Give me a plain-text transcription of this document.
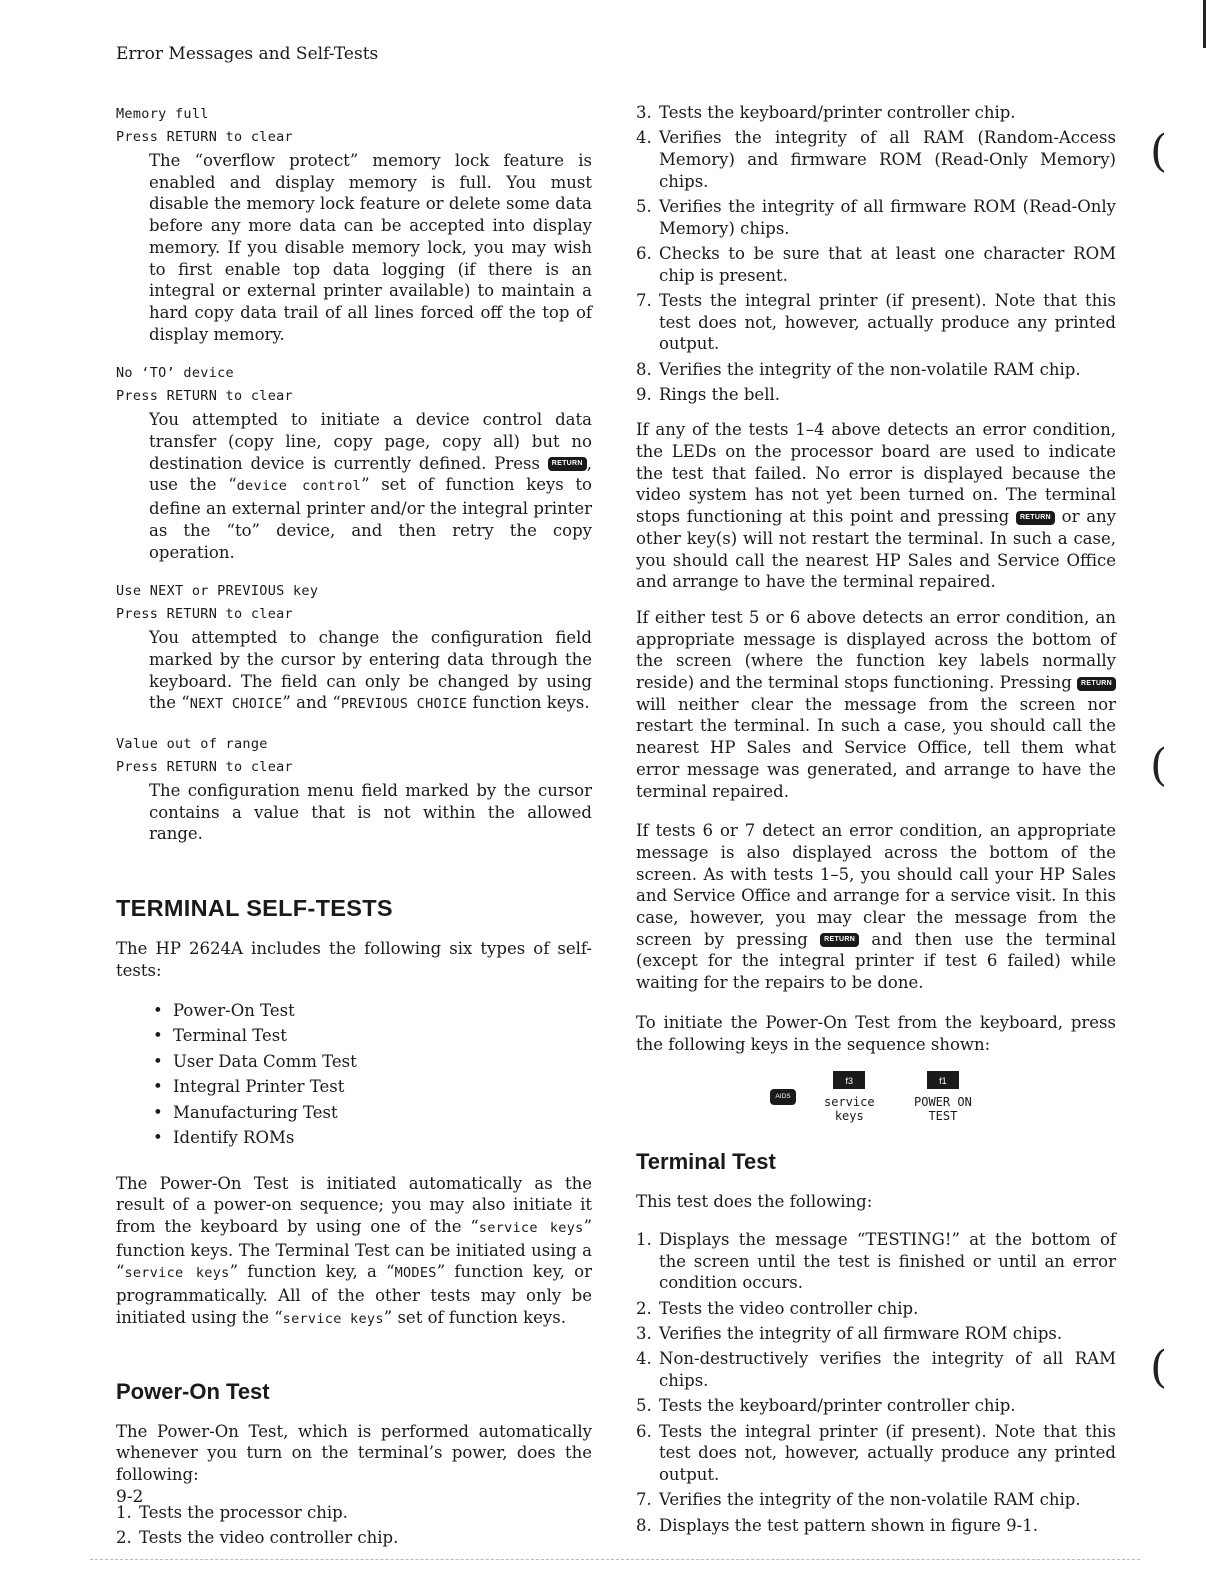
(
(
(
Error Messages and Self-Tests
Memory full
Press RETURN to clear
The “overflow protect” memory lock feature is enabled and display memory is full. You must disable the memory lock feature or delete some data before any more data can be accepted into display memory. If you disable memory lock, you may wish to first enable top data logging (if there is an integral or external printer available) to maintain a hard copy data trail of all lines forced off the top of display memory.
No ‘TO’ device
Press RETURN to clear
You attempted to initiate a device control data transfer (copy line, copy page, copy all) but no destination device is currently defined. Press RETURN , use the “device control” set of function keys to define an external printer and/or the integral printer as the “to” device, and then retry the copy operation.
Use NEXT or PREVIOUS key
Press RETURN to clear
You attempted to change the configuration field marked by the cursor by entering data through the keyboard. The field can only be changed by using the “NEXT CHOICE” and “PREVIOUS CHOICE function keys.
Value out of range
Press RETURN to clear
The configuration menu field marked by the cursor contains a value that is not within the allowed range.
TERMINAL SELF-TESTS
The HP 2624A includes the following six types of self-tests:
• Power-On Test
• Terminal Test
• User Data Comm Test
• Integral Printer Test
• Manufacturing Test
• Identify ROMs
The Power-On Test is initiated automatically as the result of a power-on sequence; you may also initiate it from the keyboard by using one of the “service keys” function keys. The Terminal Test can be initiated using a “service keys” function key, a “MODES” function key, or programmatically. All of the other tests may only be initiated using the “service keys” set of function keys.
Power-On Test
The Power-On Test, which is performed automatically whenever you turn on the terminal’s power, does the following:
1. Tests the processor chip.
2. Tests the video controller chip.
3. Tests the keyboard/printer controller chip.
4. Verifies the integrity of all RAM (Random-Access Memory) and firmware ROM (Read-Only Memory) chips.
5. Verifies the integrity of all firmware ROM (Read-Only Memory) chips.
6. Checks to be sure that at least one character ROM chip is present.
7. Tests the integral printer (if present). Note that this test does not, however, actually produce any printed output.
8. Verifies the integrity of the non-volatile RAM chip.
9. Rings the bell.
If any of the tests 1–4 above detects an error condition, the LEDs on the processor board are used to indicate the test that failed. No error is displayed because the video system has not yet been turned on. The terminal stops functioning at this point and pressing RETURN or any other key(s) will not restart the terminal. In such a case, you should call the nearest HP Sales and Service Office and arrange to have the terminal repaired.
If either test 5 or 6 above detects an error condition, an appropriate message is displayed across the bottom of the screen (where the function key labels normally reside) and the terminal stops functioning. Pressing RETURN will neither clear the message from the screen nor restart the terminal. In such a case, you should call the nearest HP Sales and Service Office, tell them what error message was generated, and arrange to have the terminal repaired.
If tests 6 or 7 detect an error condition, an appropriate message is also displayed across the bottom of the screen. As with tests 1–5, you should call your HP Sales and Service Office and arrange for a service visit. In this case, however, you may clear the message from the screen by pressing RETURN and then use the terminal (except for the integral printer if test 6 failed) while waiting for the repairs to be done.
To initiate the Power-On Test from the keyboard, press the following keys in the sequence shown:
AIDS
f3
service
keys
f1
POWER ON
TEST
Terminal Test
This test does the following:
1. Displays the message “TESTING!” at the bottom of the screen until the test is finished or until an error condition occurs.
2. Tests the video controller chip.
3. Verifies the integrity of all firmware ROM chips.
4. Non-destructively verifies the integrity of all RAM chips.
5. Tests the keyboard/printer controller chip.
6. Tests the integral printer (if present). Note that this test does not, however, actually produce any printed output.
7. Verifies the integrity of the non-volatile RAM chip.
8. Displays the test pattern shown in figure 9-1.
9-2
